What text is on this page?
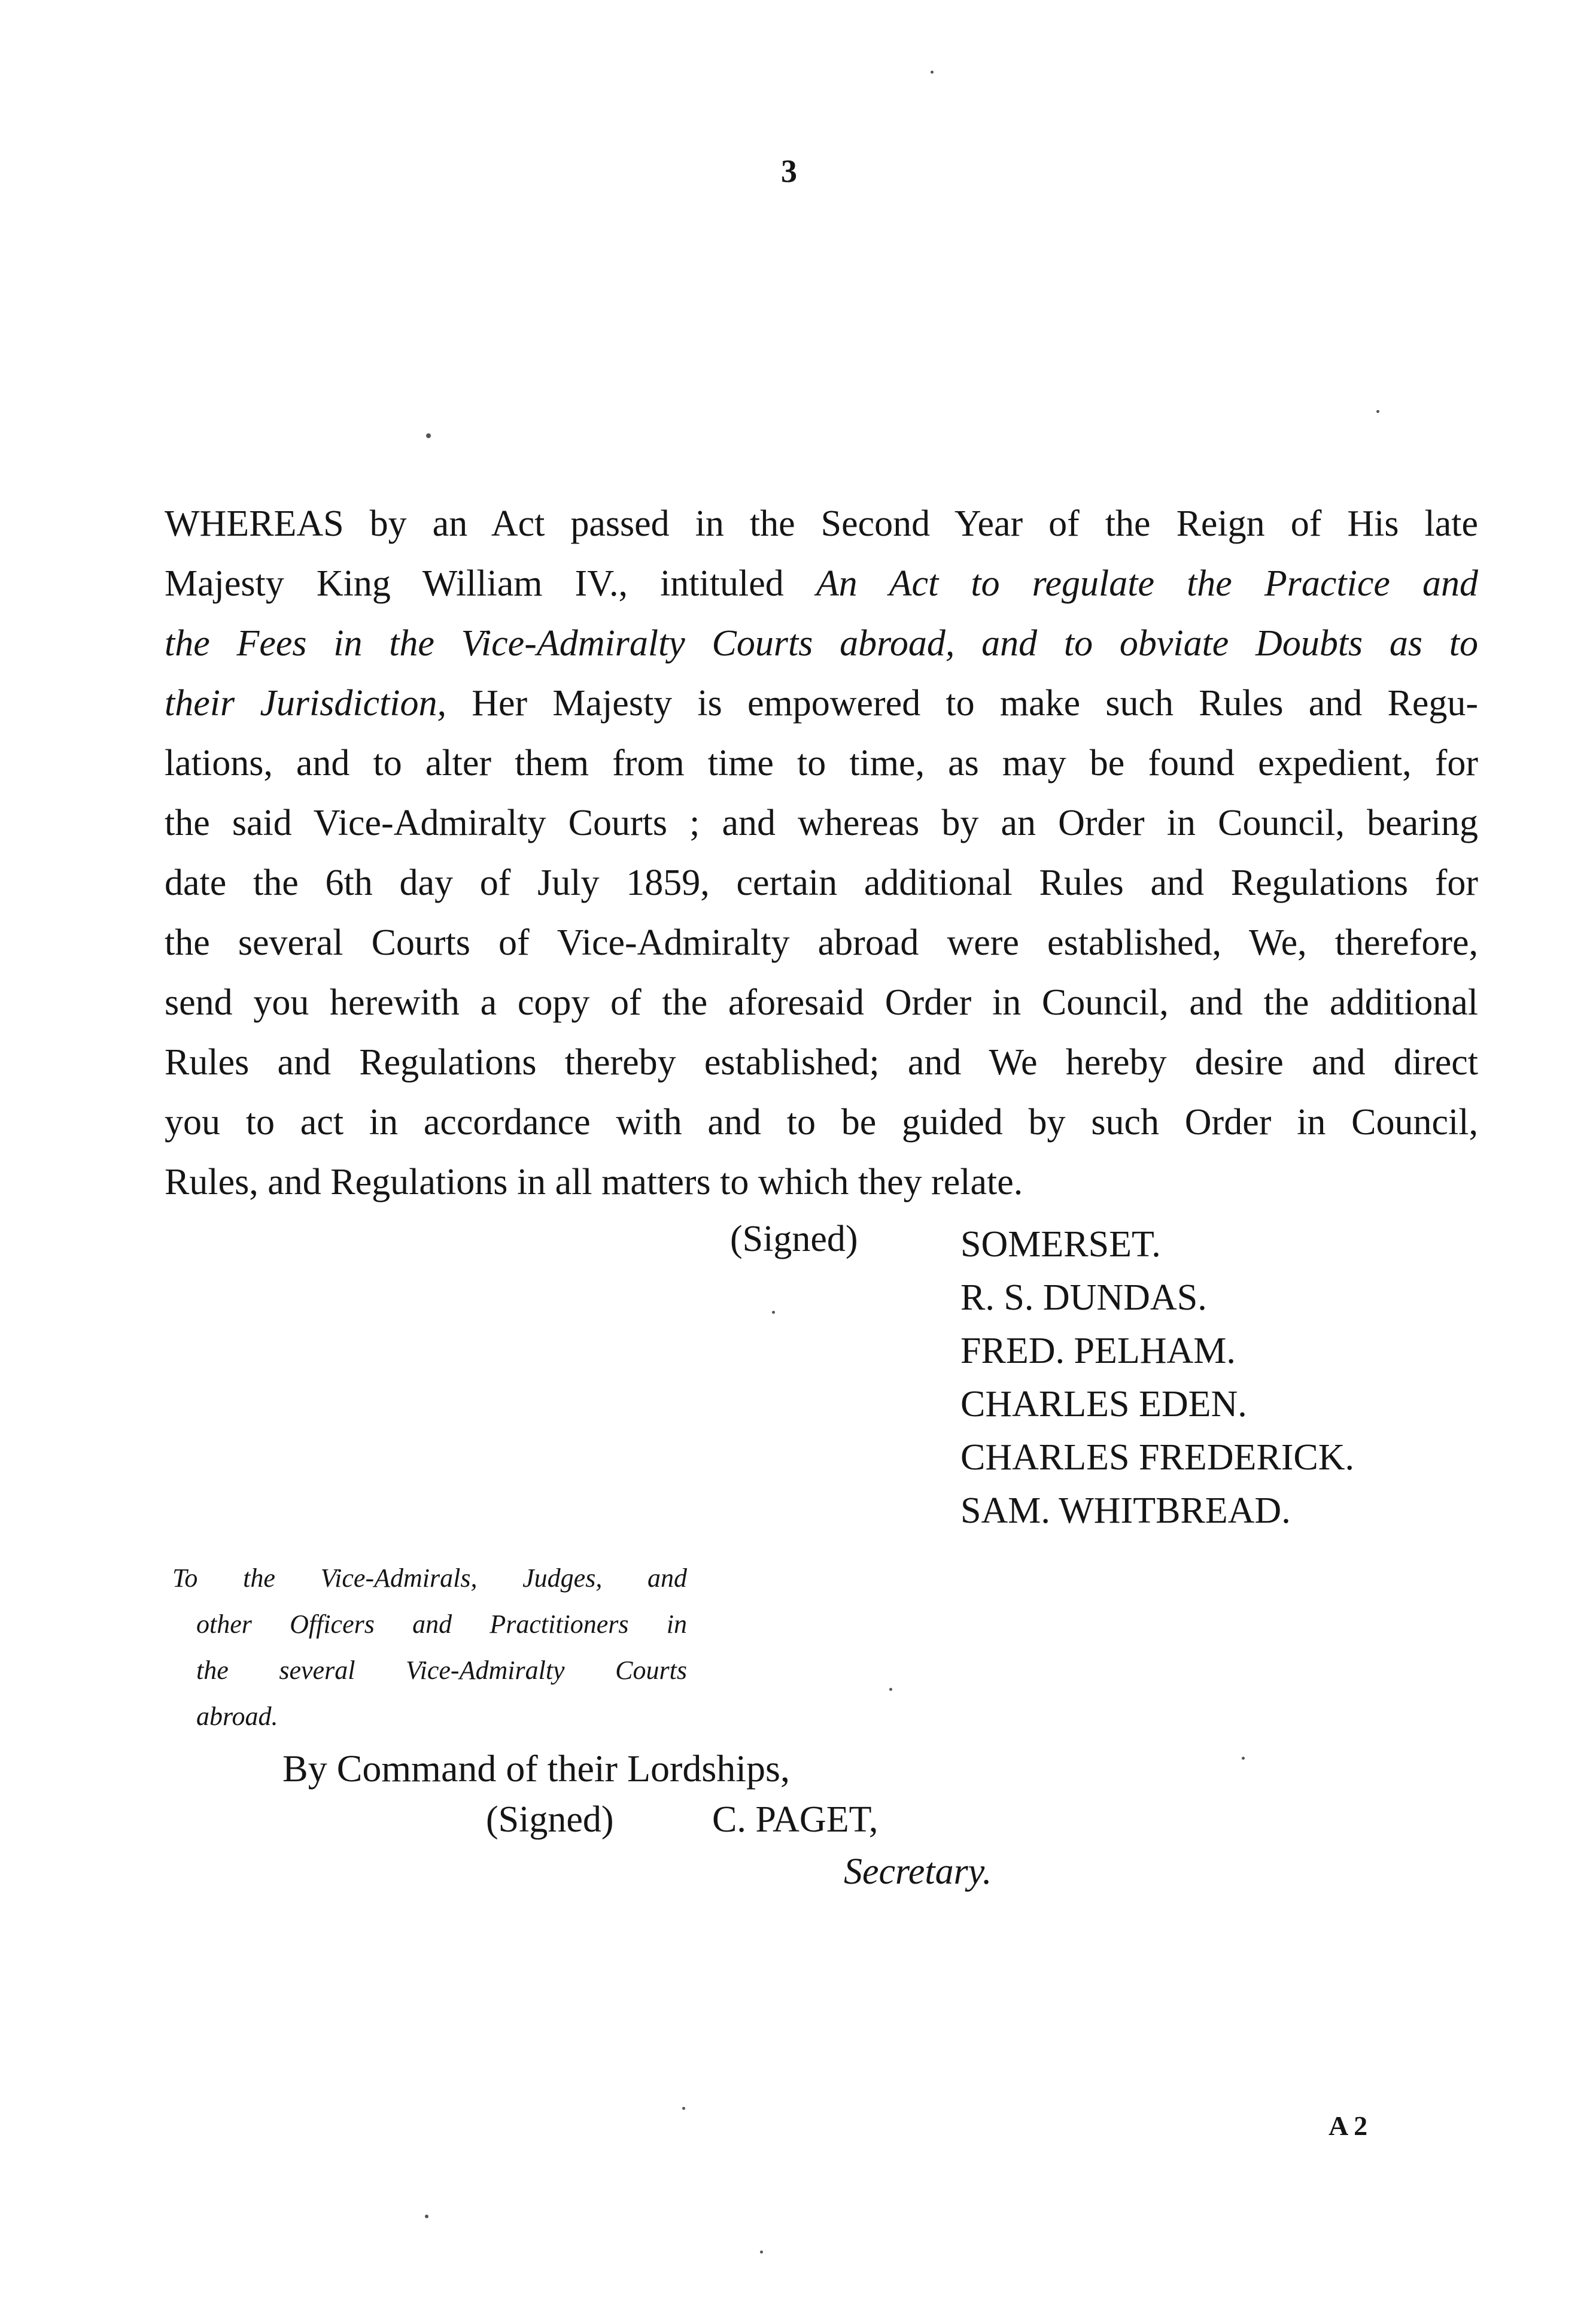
3
WHEREAS by an Act passed in the Second Year of the Reign of His late
Majesty King William IV., intituled An Act to regulate the Practice and
the Fees in the Vice-Admiralty Courts abroad, and to obviate Doubts as to
their Jurisdiction, Her Majesty is empowered to make such Rules and Regu-
lations, and to alter them from time to time, as may be found expedient, for
the said Vice-Admiralty Courts ; and whereas by an Order in Council, bearing
date the 6th day of July 1859, certain additional Rules and Regulations for
the several Courts of Vice-Admiralty abroad were established, We, therefore,
send you herewith a copy of the aforesaid Order in Council, and the additional
Rules and Regulations thereby established; and We hereby desire and direct
you to act in accordance with and to be guided by such Order in Council,
Rules, and Regulations in all matters to which they relate.
(Signed)	SOMERSET.
R. S. DUNDAS.
FRED. PELHAM.
CHARLES EDEN.
CHARLES FREDERICK.
SAM. WHITBREAD.
To the Vice-Admirals, Judges, and
other Officers and Practitioners in
the several Vice-Admiralty Courts
abroad.
By Command of their Lordships,
(Signed)	C. PAGET,
Secretary.
A 2
